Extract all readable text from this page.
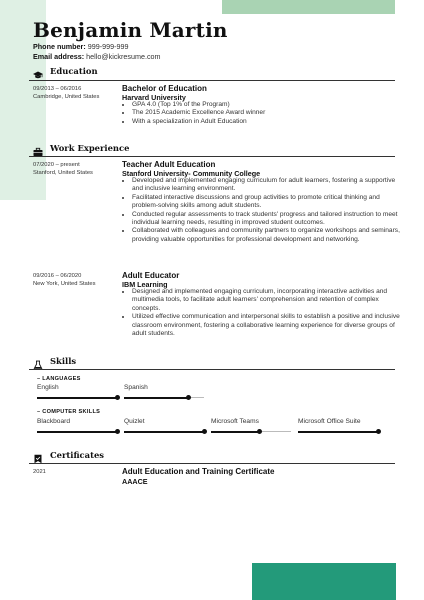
Benjamin Martin
Phone number: 999-999-999
Email address: hello@kickresume.com
Education
09/2013 – 06/2016
Cambridge, United States
Bachelor of Education
Harvard University
• GPA 4.0 (Top 1% of the Program)
• The 2015 Academic Excellence Award winner
• With a specialization in Adult Education
Work Experience
07/2020 – present
Stanford, United States
Teacher Adult Education
Stanford University- Community College
• Developed and implemented engaging curriculum for adult learners, fostering a supportive and inclusive learning environment.
• Facilitated interactive discussions and group activities to promote critical thinking and problem-solving skills among adult students.
• Conducted regular assessments to track students' progress and tailored instruction to meet individual learning needs, resulting in improved student outcomes.
• Collaborated with colleagues and community partners to organize workshops and seminars, providing valuable opportunities for professional development and networking.
09/2016 – 06/2020
New York, United States
Adult Educator
IBM Learning
• Designed and implemented engaging curriculum, incorporating interactive activities and multimedia tools, to facilitate adult learners' comprehension and retention of complex concepts.
• Utilized effective communication and interpersonal skills to establish a positive and inclusive classroom environment, fostering a collaborative learning experience for diverse groups of adult students.
Skills
– LANGUAGES
English	Spanish
– COMPUTER SKILLS
Blackboard	Quizlet	Microsoft Teams	Microsoft Office Suite
Certificates
2021	Adult Education and Training Certificate
AAACE
